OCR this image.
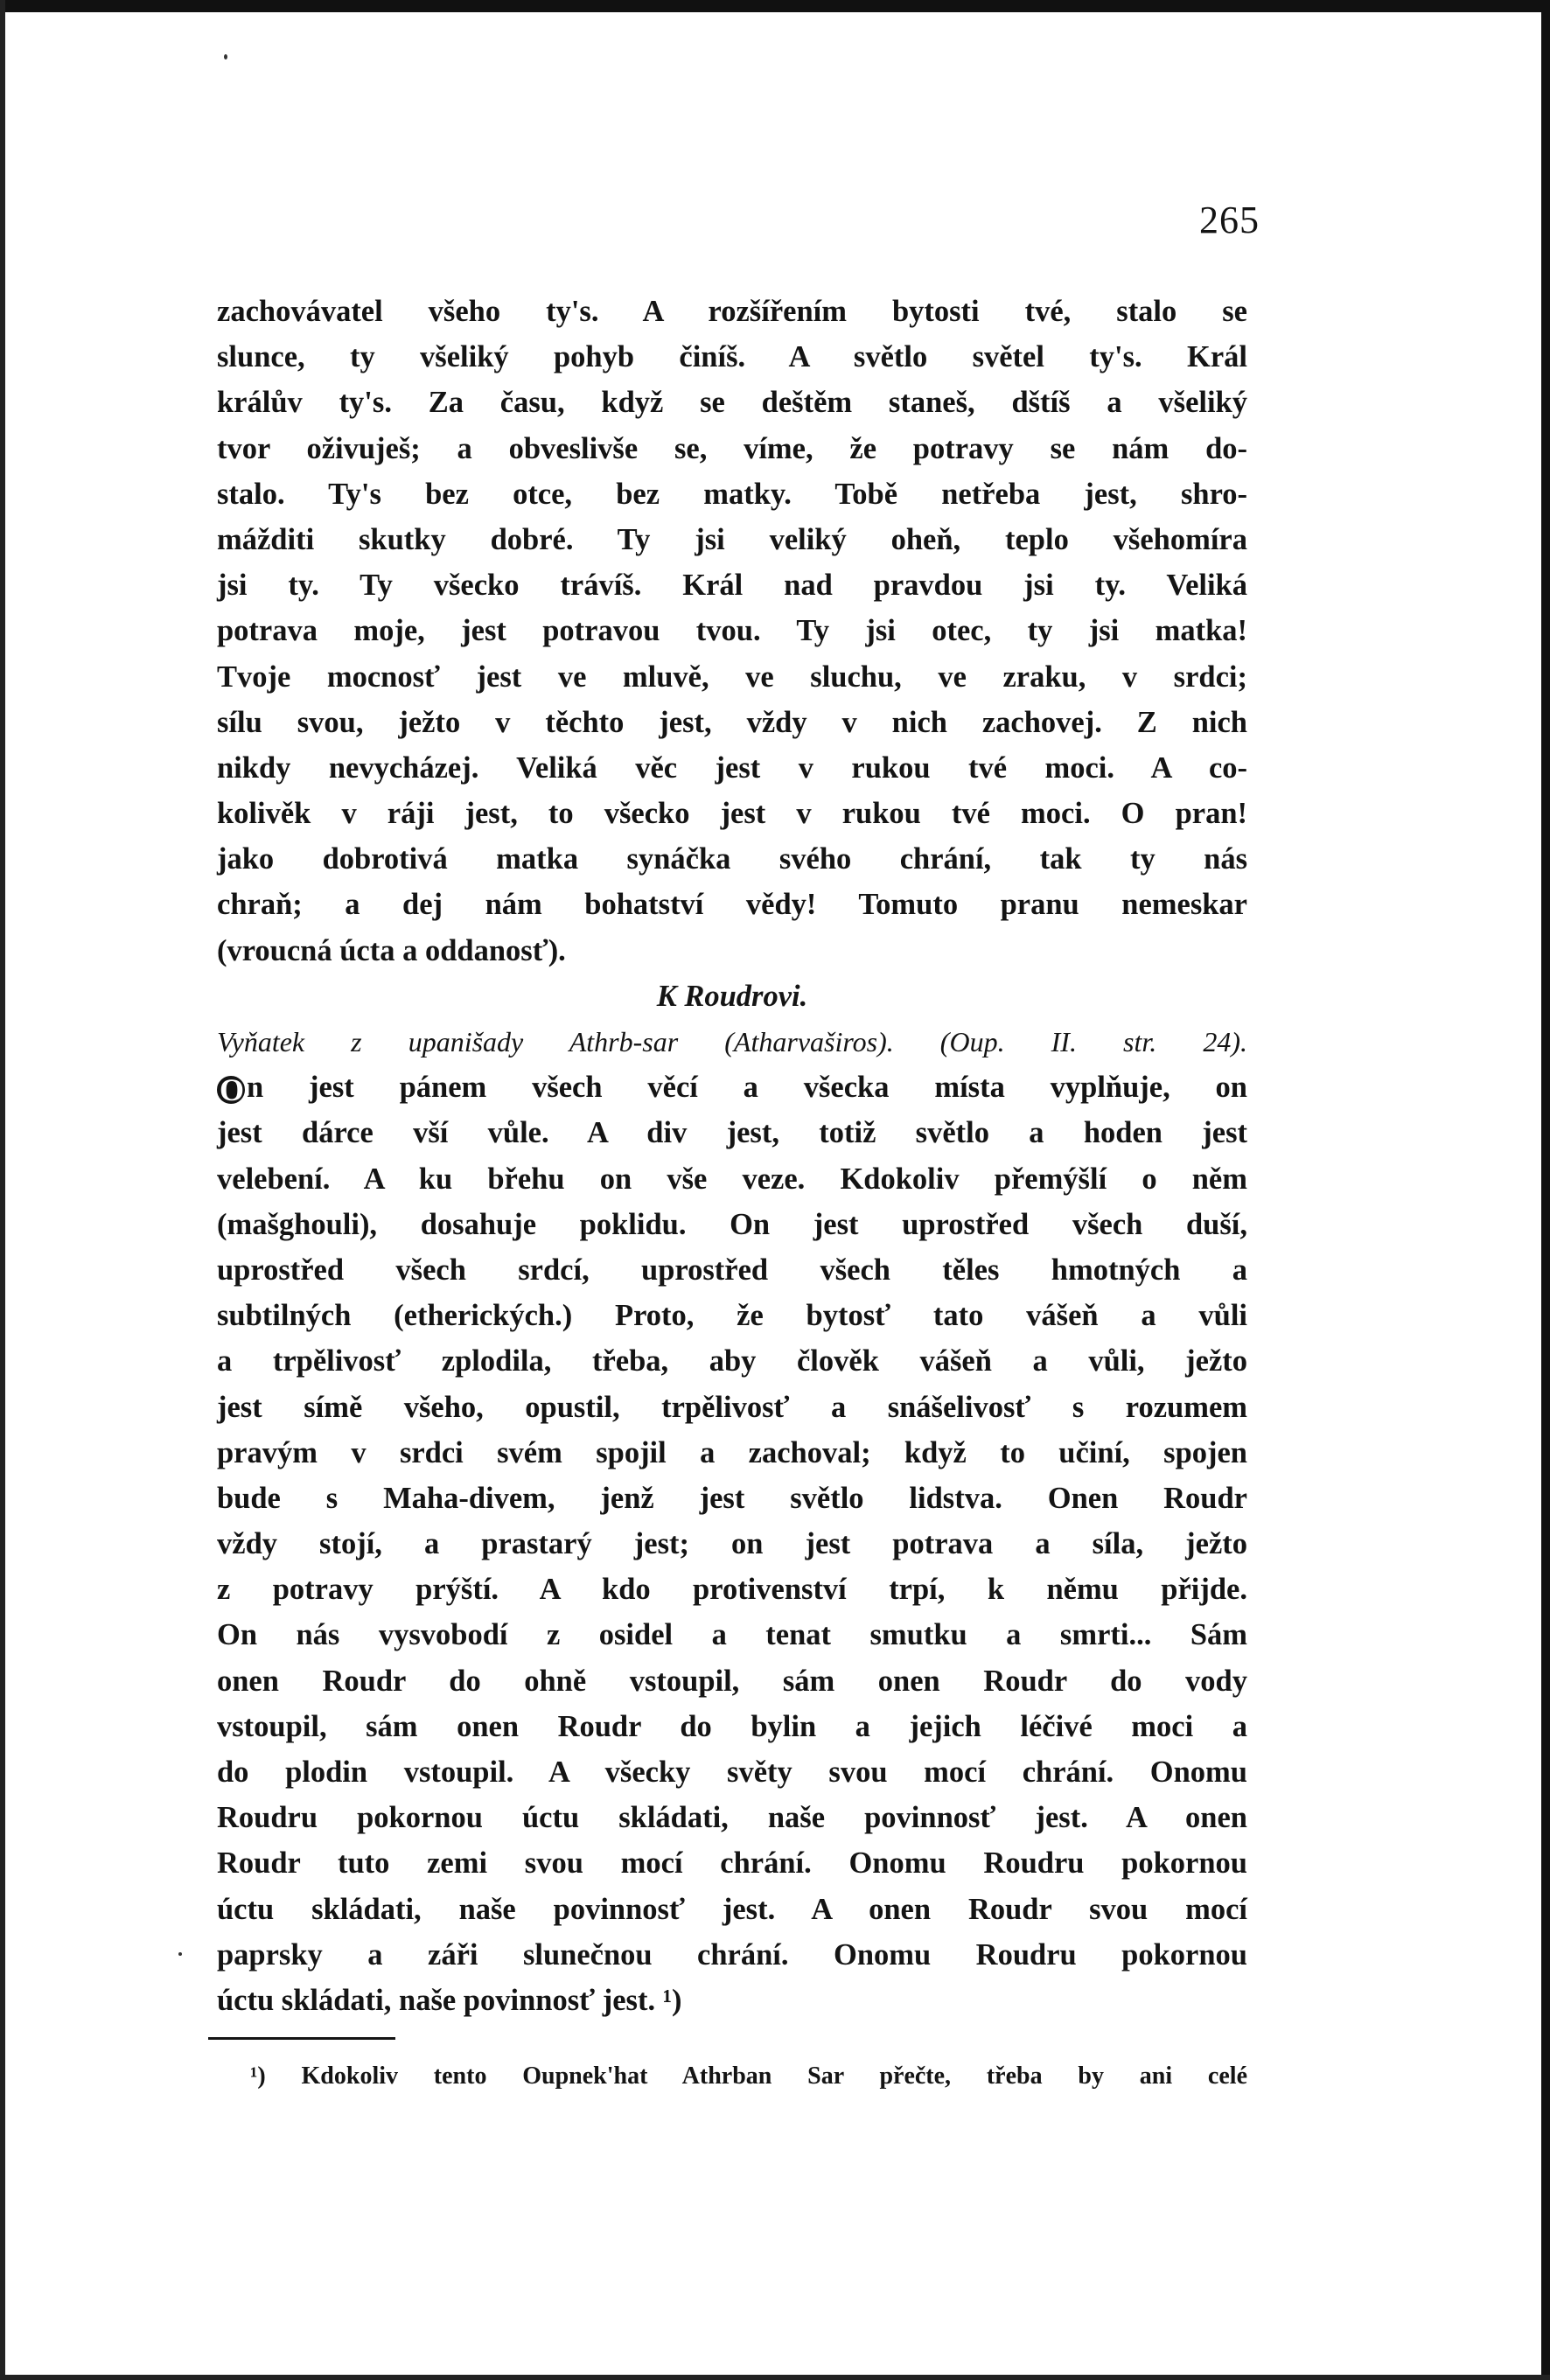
265
zachovávatel všeho ty's. A rozšířením bytosti tvé, stalo se
slunce, ty všeliký pohyb činíš. A světlo světel ty's. Král
králův ty's. Za času, když se deštěm staneš, dštíš a všeliký
tvor oživuješ; a obveslivše se, víme, že potravy se nám do-
stalo. Ty's bez otce, bez matky. Tobě netřeba jest, shro-
mážditi skutky dobré. Ty jsi veliký oheň, teplo všehomíra
jsi ty. Ty všecko trávíš. Král nad pravdou jsi ty. Veliká
potrava moje, jest potravou tvou. Ty jsi otec, ty jsi matka!
Tvoje mocnosť jest ve mluvě, ve sluchu, ve zraku, v srdci;
sílu svou, ježto v těchto jest, vždy v nich zachovej. Z nich
nikdy nevycházej. Veliká věc jest v rukou tvé moci. A co-
kolivěk v ráji jest, to všecko jest v rukou tvé moci. O pran!
jako dobrotivá matka synáčka svého chrání, tak ty nás
chraň; a dej nám bohatství vědy! Tomuto pranu nemeskar
(vroucná úcta a oddanosť).
K Roudrovi.
Vyňatek z upanišady Athrb-sar (Atharvaširos). (Oup. II. str. 24).
On jest pánem všech věcí a všecka místa vyplňuje, on
jest dárce vší vůle. A div jest, totiž světlo a hoden jest
velebení. A ku břehu on vše veze. Kdokoliv přemýšlí o něm
(mašghouli), dosahuje poklidu. On jest uprostřed všech duší,
uprostřed všech srdcí, uprostřed všech těles hmotných a
subtilných (etherických.) Proto, že bytosť tato vášeň a vůli
a trpělivosť zplodila, třeba, aby člověk vášeň a vůli, ježto
jest símě všeho, opustil, trpělivosť a snášelivosť s rozumem
pravým v srdci svém spojil a zachoval; když to učiní, spojen
bude s Maha-divem, jenž jest světlo lidstva. Onen Roudr
vždy stojí, a prastarý jest; on jest potrava a síla, ježto
z potravy prýští. A kdo protivenství trpí, k němu přijde.
On nás vysvobodí z osidel a tenat smutku a smrti... Sám
onen Roudr do ohně vstoupil, sám onen Roudr do vody
vstoupil, sám onen Roudr do bylin a jejich léčivé moci a
do plodin vstoupil. A všecky světy svou mocí chrání. Onomu
Roudru pokornou úctu skládati, naše povinnosť jest. A onen
Roudr tuto zemi svou mocí chrání. Onomu Roudru pokornou
úctu skládati, naše povinnosť jest. A onen Roudr svou mocí
paprsky a záři slunečnou chrání. Onomu Roudru pokornou
úctu skládati, naše povinnosť jest. ¹)
¹) Kdokoliv tento Oupnek'hat Athrban Sar přečte, třeba by ani celé
